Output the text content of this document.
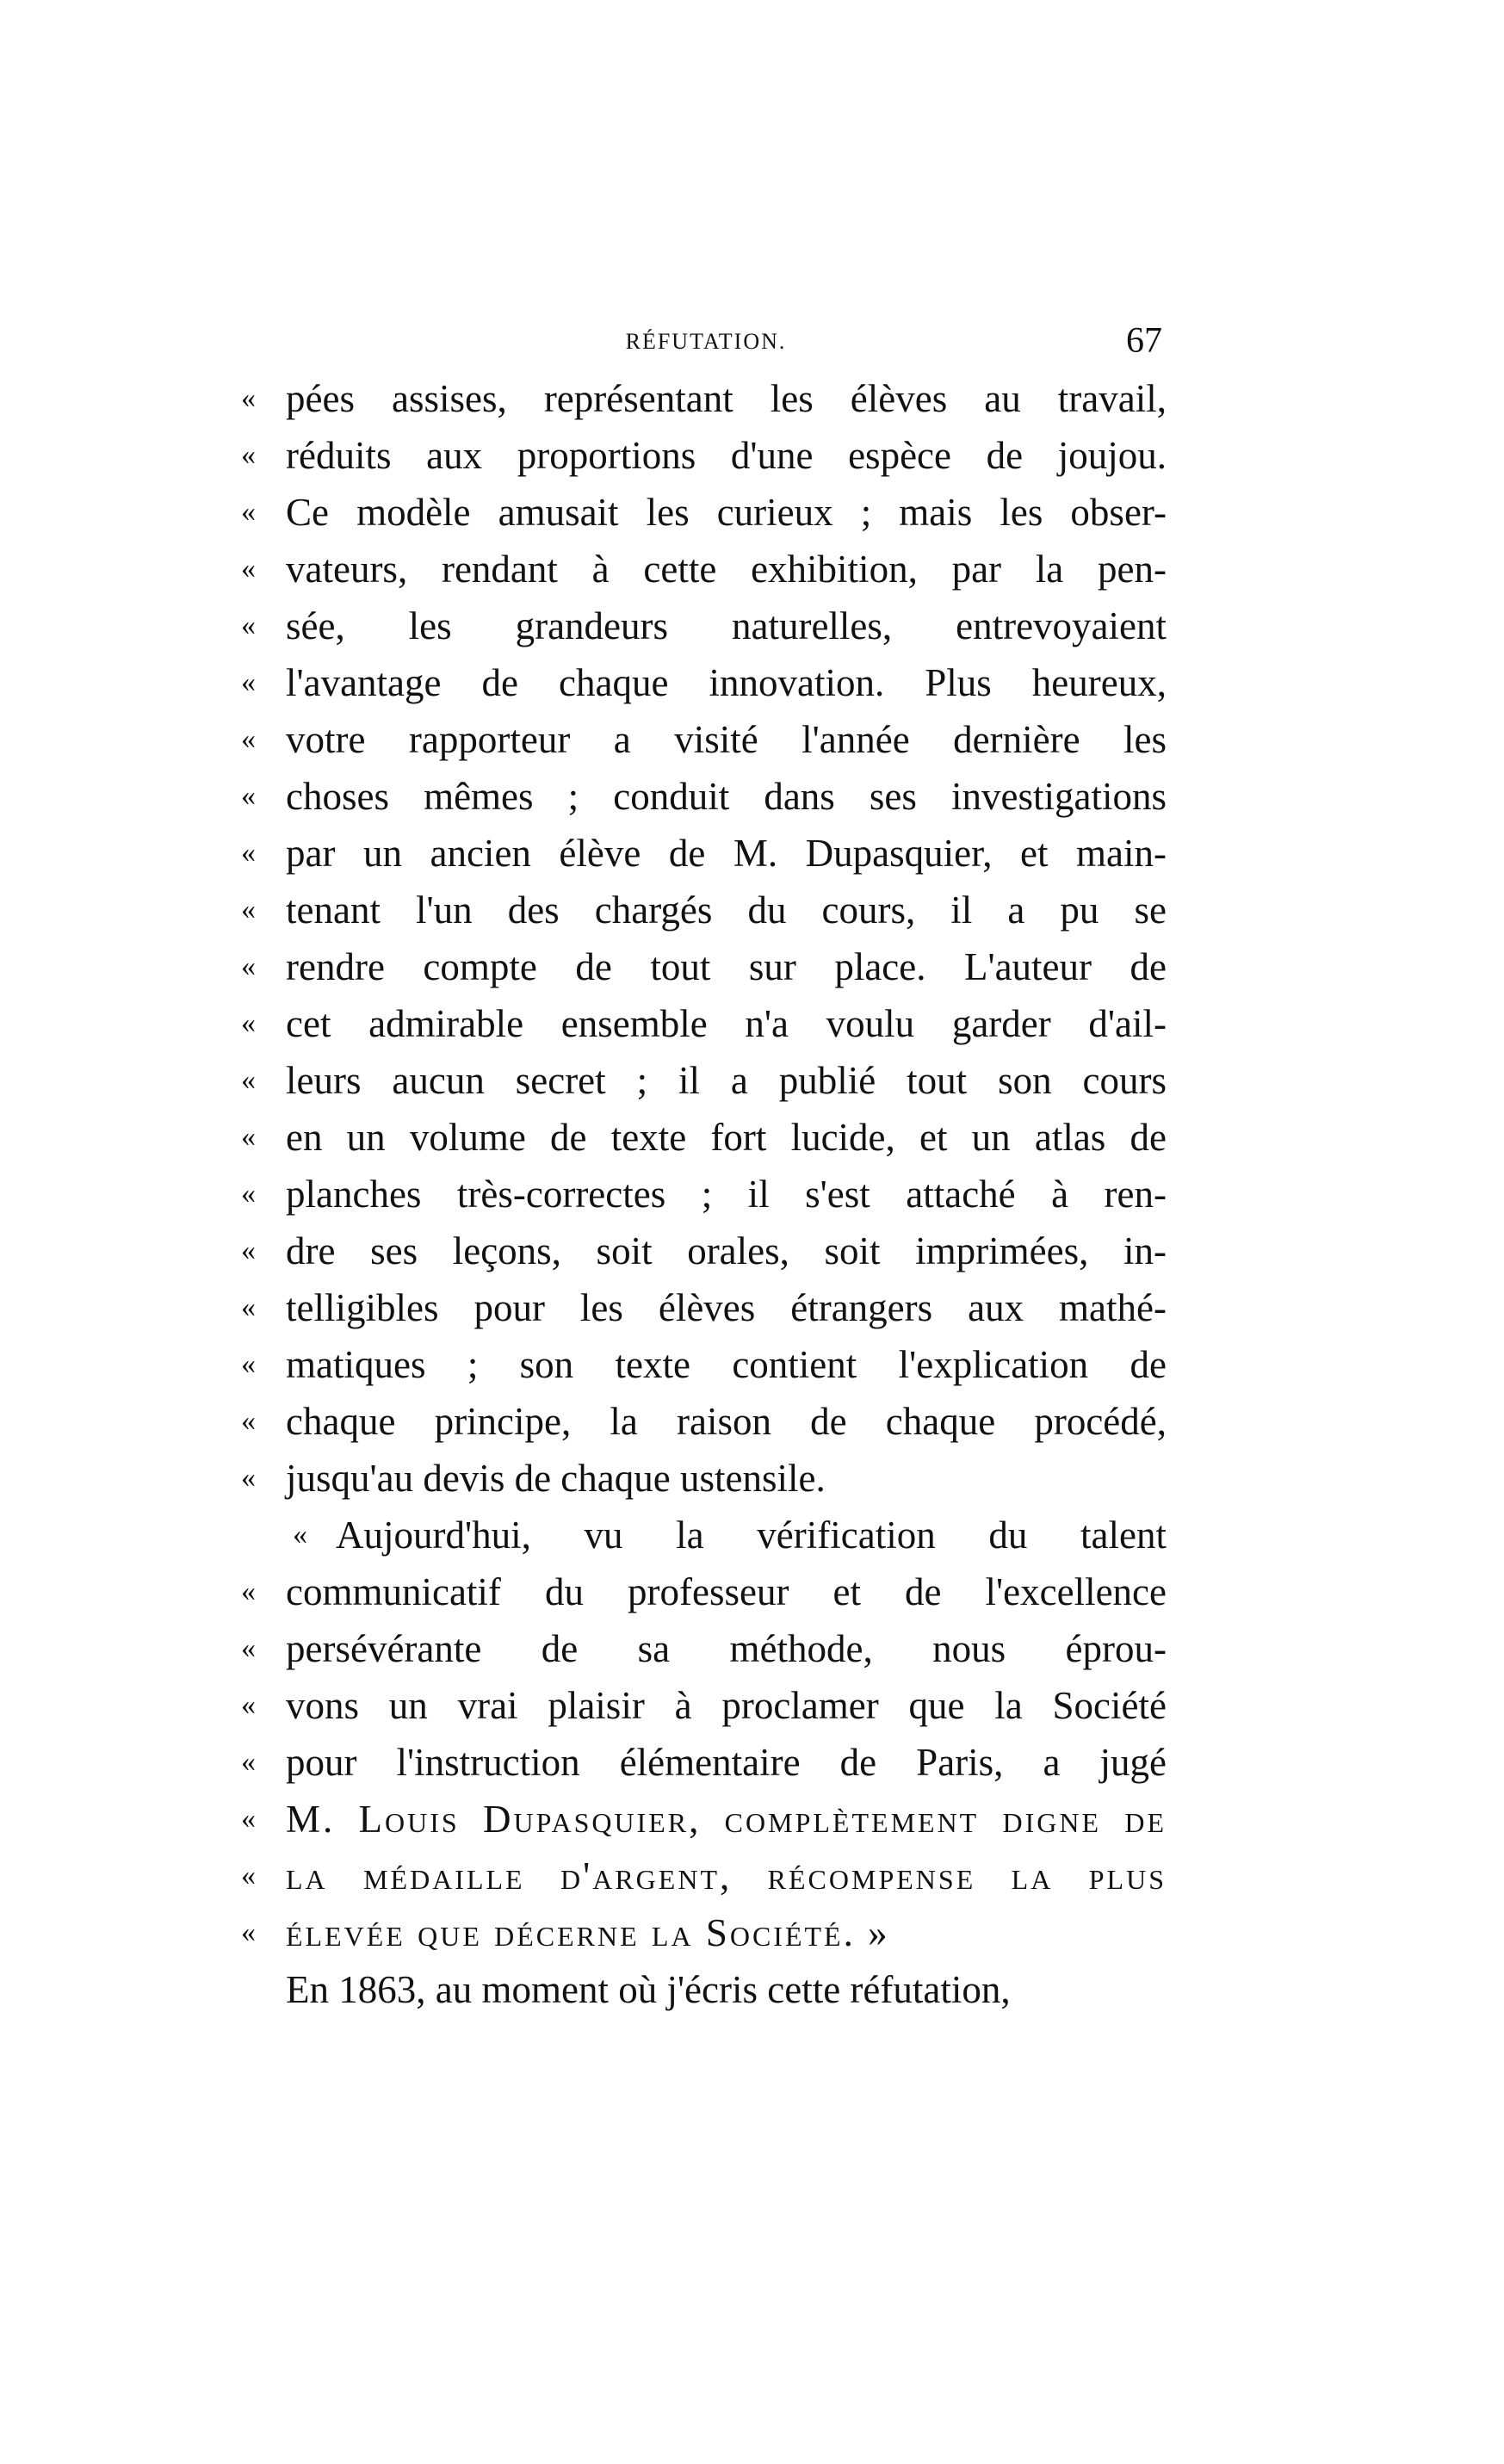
RÉFUTATION.	67
« pées assises, représentant les élèves au travail,
« réduits aux proportions d'une espèce de joujou.
« Ce modèle amusait les curieux ; mais les obser-
« vateurs, rendant à cette exhibition, par la pen-
« sée, les grandeurs naturelles, entrevoyaient
« l'avantage de chaque innovation. Plus heureux,
« votre rapporteur a visité l'année dernière les
« choses mêmes ; conduit dans ses investigations
« par un ancien élève de M. Dupasquier, et main-
« tenant l'un des chargés du cours, il a pu se
« rendre compte de tout sur place. L'auteur de
« cet admirable ensemble n'a voulu garder d'ail-
« leurs aucun secret ; il a publié tout son cours
« en un volume de texte fort lucide, et un atlas de
« planches très-correctes ; il s'est attaché à ren-
« dre ses leçons, soit orales, soit imprimées, in-
« telligibles pour les élèves étrangers aux mathé-
« matiques ; son texte contient l'explication de
« chaque principe, la raison de chaque procédé,
« jusqu'au devis de chaque ustensile.
« Aujourd'hui, vu la vérification du talent
« communicatif du professeur et de l'excellence
« persévérante de sa méthode, nous éprou-
« vons un vrai plaisir à proclamer que la Société
« pour l'instruction élémentaire de Paris, a jugé
« M. Louis Dupasquier, complètement digne de
« la médaille d'argent, récompense la plus
« élevée que décerne la Société. »
En 1863, au moment où j'écris cette réfutation,
